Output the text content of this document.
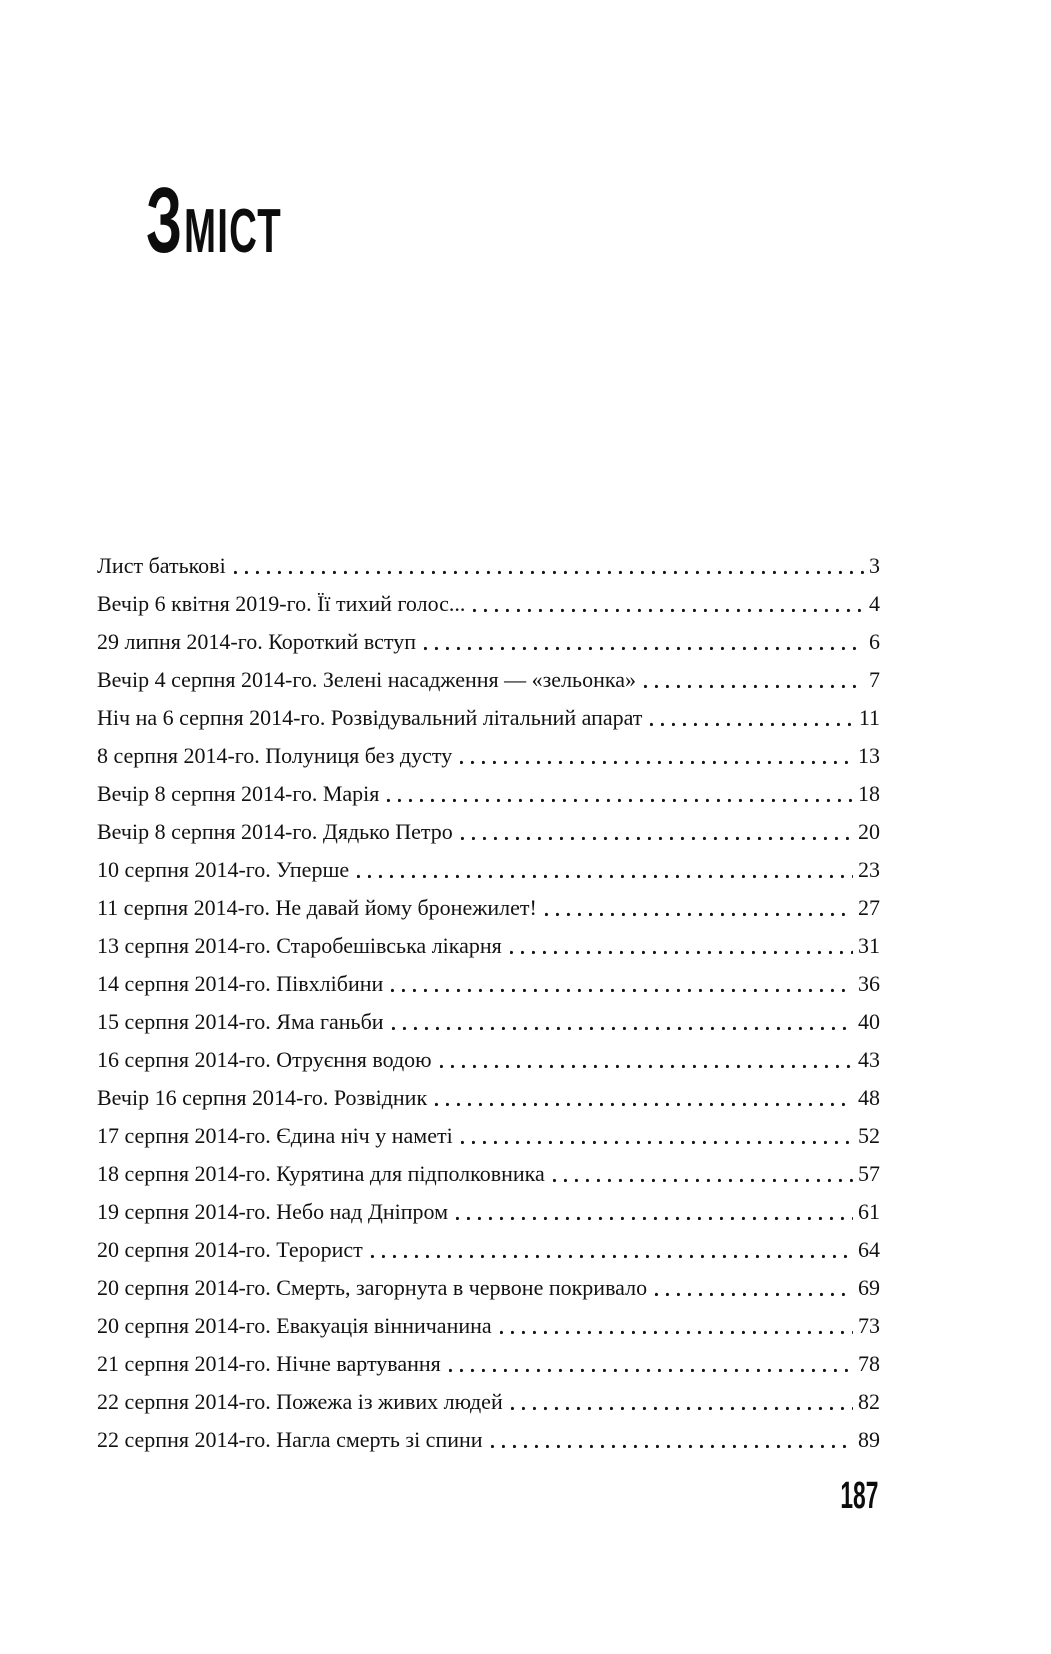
ЗМІСТ
Лист батькові	3
Вечір 6 квітня 2019-го. Її тихий голос...	4
29 липня 2014-го. Короткий вступ	6
Вечір 4 серпня 2014-го. Зелені насадження — «зельонка»	7
Ніч на 6 серпня 2014-го. Розвідувальний літальний апарат	11
8 серпня 2014-го. Полуниця без дусту	13
Вечір 8 серпня 2014-го. Марія	18
Вечір 8 серпня 2014-го. Дядько Петро	20
10 серпня 2014-го. Уперше	23
11 серпня 2014-го. Не давай йому бронежилет!	27
13 серпня 2014-го. Старобешівська лікарня	31
14 серпня 2014-го. Півхлібини	36
15 серпня 2014-го. Яма ганьби	40
16 серпня 2014-го. Отруєння водою	43
Вечір 16 серпня 2014-го. Розвідник	48
17 серпня 2014-го. Єдина ніч у наметі	52
18 серпня 2014-го. Курятина для підполковника	57
19 серпня 2014-го. Небо над Дніпром	61
20 серпня 2014-го. Терорист	64
20 серпня 2014-го. Смерть, загорнута в червоне покривало	69
20 серпня 2014-го. Евакуація вінничанина	73
21 серпня 2014-го. Нічне вартування	78
22 серпня 2014-го. Пожежа із живих людей	82
22 серпня 2014-го. Нагла смерть зі спини	89
187
